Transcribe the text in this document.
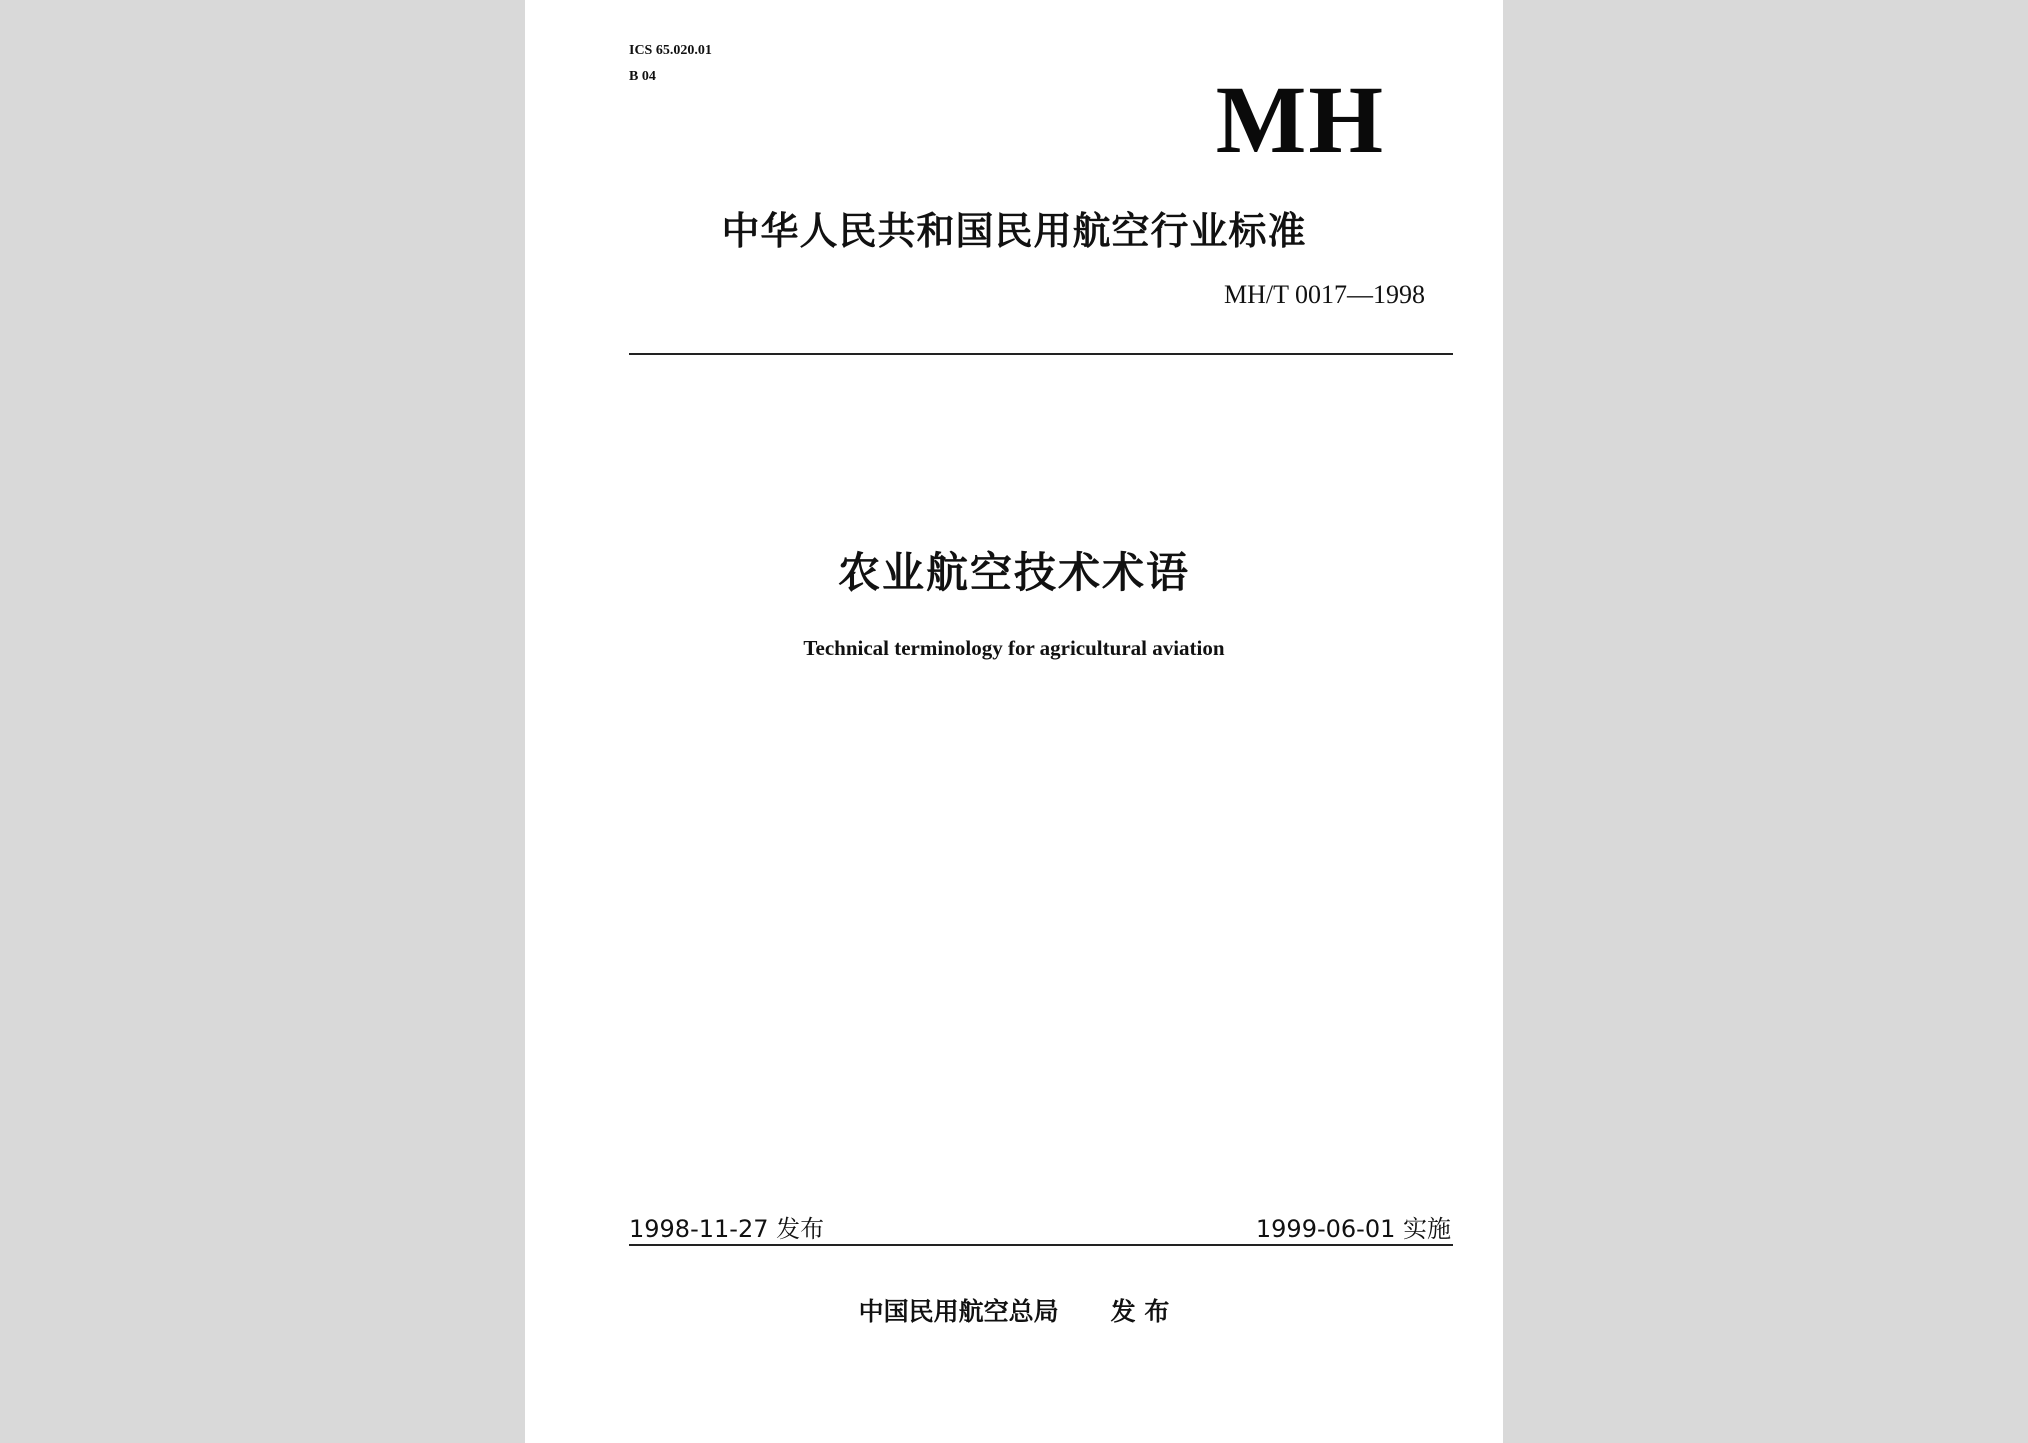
ICS 65.020.01
B 04	MH
中华人民共和国民用航空行业标准
MH/T 0017—1998
农业航空技术术语
Technical terminology for agricultural aviation
1998-11-27 发布	1999-06-01 实施
中国民用航空总局 发 布
